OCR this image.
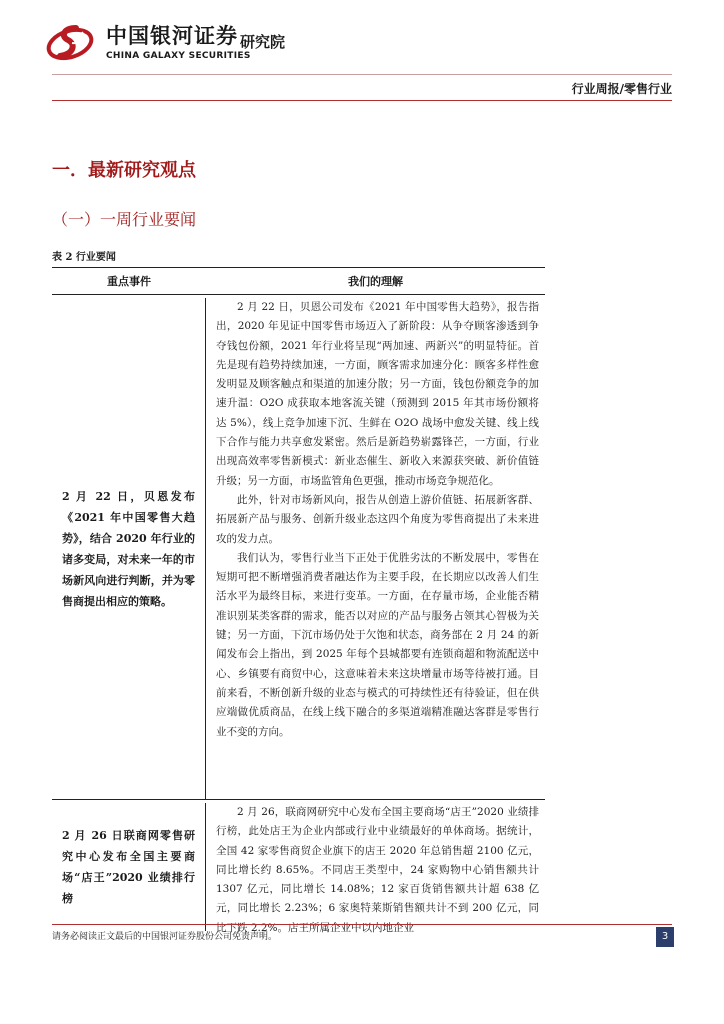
中国银河证券
CHINA GALAXY SECURITIES
研究院
行业周报/零售行业
一．最新研究观点
（一）一周行业要闻
表 2 行业要闻
重点事件	我们的理解
2 月 22 日，贝恩发布《2021 年中国零售大趋势》，结合 2020 年行业的诸多变局，对未来一年的市场新风向进行判断，并为零售商提出相应的策略。

2 月 22 日，贝恩公司发布《2021 年中国零售大趋势》，报告指出，2020 年见证中国零售市场迈入了新阶段：从争夺顾客渗透到争夺钱包份额，2021 年行业将呈现“两加速、两新兴”的明显特征。首先是现有趋势持续加速，一方面，顾客需求加速分化：顾客多样性愈发明显及顾客触点和渠道的加速分散；另一方面，钱包份额竞争的加速升温：O2O 成获取本地客流关键（预测到 2015 年其市场份额将达 5%），线上竞争加速下沉、生鲜在 O2O 战场中愈发关键、线上线下合作与能力共享愈发紧密。然后是新趋势崭露锋芒，一方面，行业出现高效率零售新模式：新业态催生、新收入来源获突破、新价值链升级；另一方面，市场监管角色更强，推动市场竞争规范化。

此外，针对市场新风向，报告从创造上游价值链、拓展新客群、拓展新产品与服务、创新升级业态这四个角度为零售商提出了未来进攻的发力点。

我们认为，零售行业当下正处于优胜劣汰的不断发展中，零售在短期可把不断增强消费者融达作为主要手段，在长期应以改善人们生活水平为最终目标，来进行变革。一方面，在存量市场，企业能否精准识别某类客群的需求，能否以对应的产品与服务占领其心智极为关键；另一方面，下沉市场仍处于欠饱和状态，商务部在 2 月 24 的新闻发布会上指出，到 2025 年每个县城都要有连锁商超和物流配送中心、乡镇要有商贸中心，这意味着未来这块增量市场等待被打通。目前来看，不断创新升级的业态与模式的可持续性还有待验证，但在供应端做优质商品，在线上线下融合的多渠道端精准融达客群是零售行业不变的方向。

2 月 26 日联商网零售研究中心发布全国主要商场“店王”2020 业绩排行榜

2 月 26，联商网研究中心发布全国主要商场“店王”2020 业绩排行榜，此处店王为企业内部或行业中业绩最好的单体商场。据统计，全国 42 家零售商贸企业旗下的店王 2020 年总销售超 2100 亿元，同比增长约 8.65%。不同店王类型中，24 家购物中心销售额共计 1307 亿元，同比增长 14.08%；12 家百货销售额共计超 638 亿元，同比增长 2.23%；6 家奥特莱斯销售额共计不到 200 亿元，同比下跌 2.2%。店王所属企业中以内地企业

请务必阅读正文最后的中国银河证券股份公司免责声明。	3
